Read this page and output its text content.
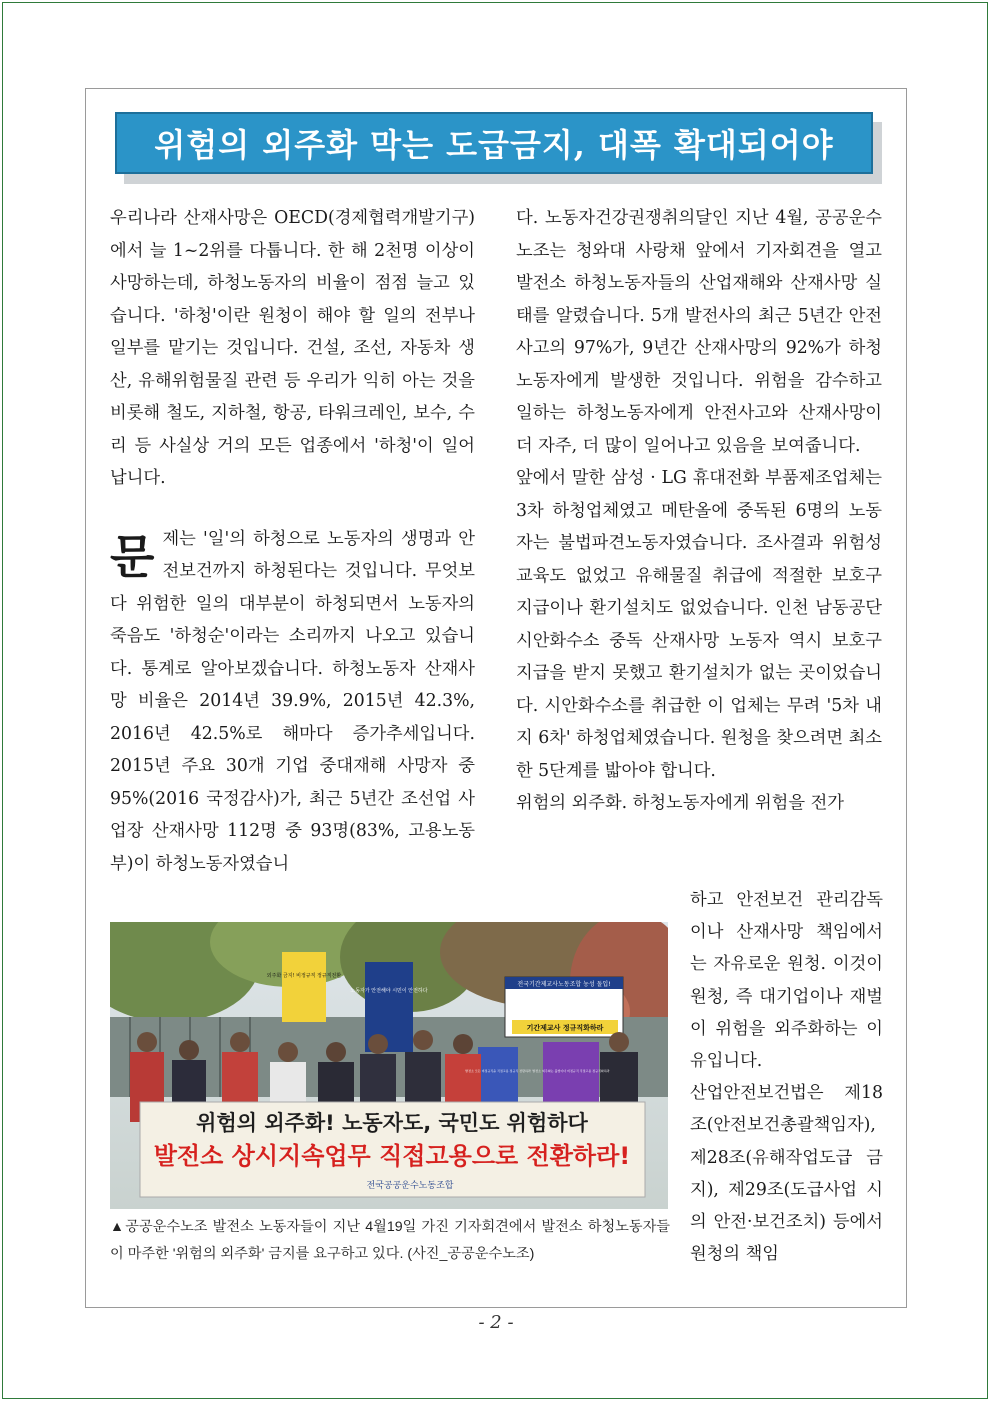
위험의 외주화 막는 도급금지, 대폭 확대되어야

우리나라 산재사망은 OECD(경제협력개발기구)에서 늘 1~2위를 다툽니다. 한 해 2천명 이상이 사망하는데, 하청노동자의 비율이 점점 늘고 있습니다. '하청'이란 원청이 해야 할 일의 전부나 일부를 맡기는 것입니다. 건설, 조선, 자동차 생산, 유해위험물질 관련 등 우리가 익히 아는 것을 비롯해 철도, 지하철, 항공, 타워크레인, 보수, 수리 등 사실상 거의 모든 업종에서 '하청'이 일어납니다.

문제는 '일'의 하청으로 노동자의 생명과 안전보건까지 하청된다는 것입니다. 무엇보다 위험한 일의 대부분이 하청되면서 노동자의 죽음도 '하청순'이라는 소리까지 나오고 있습니다. 통계로 알아보겠습니다. 하청노동자 산재사망 비율은 2014년 39.9%, 2015년 42.3%, 2016년 42.5%로 해마다 증가추세입니다. 2015년 주요 30개 기업 중대재해 사망자 중 95%(2016 국정감사)가, 최근 5년간 조선업 사업장 산재사망 112명 중 93명(83%, 고용노동부)이 하청노동자였습니

다. 노동자건강권쟁취의달인 지난 4월, 공공운수노조는 청와대 사랑채 앞에서 기자회견을 열고 발전소 하청노동자들의 산업재해와 산재사망 실태를 알렸습니다. 5개 발전사의 최근 5년간 안전사고의 97%가, 9년간 산재사망의 92%가 하청노동자에게 발생한 것입니다. 위험을 감수하고 일하는 하청노동자에게 안전사고와 산재사망이 더 자주, 더 많이 일어나고 있음을 보여줍니다.

앞에서 말한 삼성 · LG 휴대전화 부품제조업체는 3차 하청업체였고 메탄올에 중독된 6명의 노동자는 불법파견노동자였습니다. 조사결과 위험성 교육도 없었고 유해물질 취급에 적절한 보호구 지급이나 환기설치도 없었습니다. 인천 남동공단 시안화수소 중독 산재사망 노동자 역시 보호구 지급을 받지 못했고 환기설치가 없는 곳이었습니다. 시안화수소를 취급한 이 업체는 무려 '5차 내지 6차' 하청업체였습니다. 원청을 찾으려면 최소한 5단계를 밟아야 합니다.

위험의 외주화. 하청노동자에게 위험을 전가

하고 안전보건 관리감독이나 산재사망 책임에서는 자유로운 원청. 이것이 원청, 즉 대기업이나 재벌이 위험을 외주화하는 이유입니다.

산업안전보건법은 제18조(안전보건총괄책임자), 제28조(유해작업도급 금지), 제29조(도급사업 시의 안전·보건조치) 등에서 원청의 책임

위험의 외주화! 노동자도, 국민도 위험하다
발전소 상시지속업무 직접고용으로 전환하라!
전국공공운수노동조합
외주화 금지! 비정규직 정규직전환
노동자가 안전해야 시민이 안전하다
전국기간제교사노동조합 농성 돌입!
기간제교사 정규직화하라
발전소 모든 비정규직을 직접고용 정규직 전환하라 발전소 외주화는 불법이다 비정규직 직접고용 정규직화하라
▲공공운수노조 발전소 노동자들이 지난 4월19일 가진 기자회견에서 발전소 하청노동자들이 마주한 '위험의 외주화' 금지를 요구하고 있다. (사진_공공운수노조)
- 2 -
